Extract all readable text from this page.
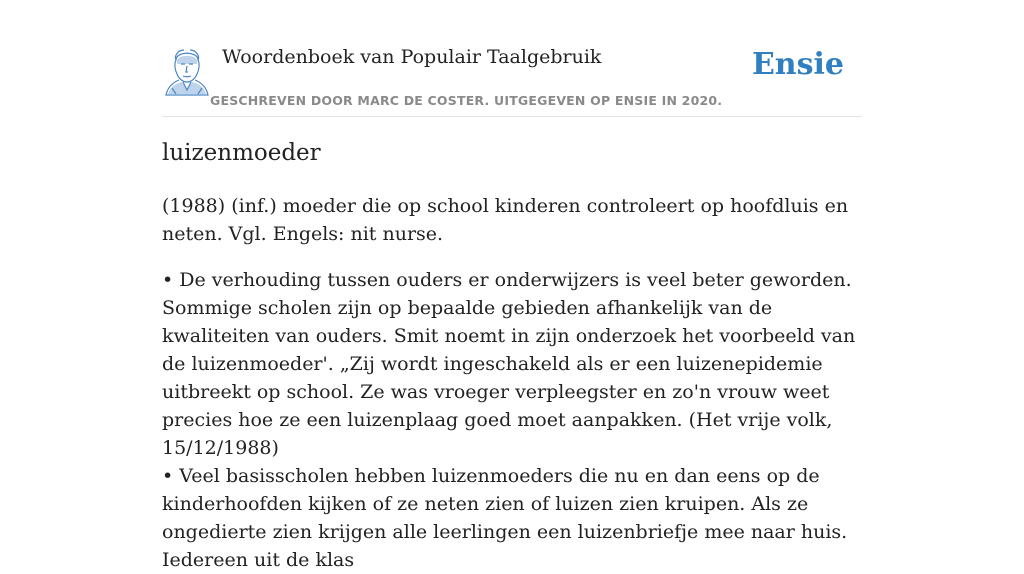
Woordenboek van Populair Taalgebruik
GESCHREVEN DOOR MARC DE COSTER. UITGEGEVEN OP ENSIE IN 2020.
Ensie
luizenmoeder

(1988) (inf.) moeder die op school kinderen controleert op hoofdluis en neten. Vgl. Engels: nit nurse.

• De verhouding tussen ouders er onderwijzers is veel beter geworden. Sommige scholen zijn op bepaalde gebieden afhankelijk van de kwaliteiten van ouders. Smit noemt in zijn onderzoek het voorbeeld van de luizenmoeder'. „Zij wordt ingeschakeld als er een luizenepidemie uitbreekt op school. Ze was vroeger verpleegster en zo'n vrouw weet precies hoe ze een luizenplaag goed moet aanpakken. (Het vrije volk, 15/12/1988)
• Veel basisscholen hebben luizenmoeders die nu en dan eens op de kinderhoofden kijken of ze neten zien of luizen zien kruipen. Als ze ongedierte zien krijgen alle leerlingen een luizenbriefje mee naar huis. Iedereen uit de klas
